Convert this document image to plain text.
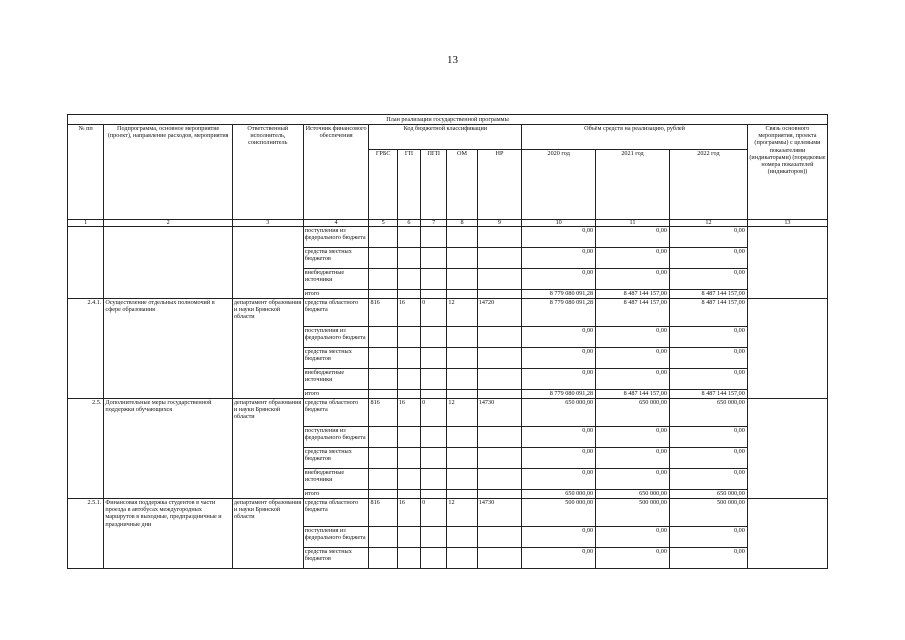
13
План реализации государственной программы												
№ пп	Подпрограмма, основное мероприятие (проект), направление расходов, мероприятия	Ответственный исполнитель, соисполнитель	Источник финансового обеспечения	Код бюджетной классификации					Объём средств на реализацию, рублей			Связь основного мероприятия, проекта (программы) с целевыми показателями (индикаторами) (порядковые номера показателей (индикаторов))
				ГРБС	ГП	ПГП	ОМ	НР	2020 год	2021 год	2022 год	
1	2	3	4	5	6	7	8	9	10	11	12	13
			поступления из федерального бюджета						0,00	0,00	0,00	
			средства местных бюджетов						0,00	0,00	0,00	
			внебюджетные источники						0,00	0,00	0,00	
			итого						8 779 080 091,28	8 487 144 157,00	8 487 144 157,00	
2.4.1.	Осуществление отдельных полномочий в сфере образования	департамент образования и науки Брянской области	средства областного бюджета	816	16	0	12	14720	8 779 080 091,28	8 487 144 157,00	8 487 144 157,00	
			поступления из федерального бюджета						0,00	0,00	0,00	
			средства местных бюджетов						0,00	0,00	0,00	
			внебюджетные источники						0,00	0,00	0,00	
			итого						8 779 080 091,28	8 487 144 157,00	8 487 144 157,00	
2.5.	Дополнительные меры государственной поддержки обучающихся	департамент образования и науки Брянской области	средства областного бюджета	816	16	0	12	14730	650 000,00	650 000,00	650 000,00	
			поступления из федерального бюджета						0,00	0,00	0,00	
			средства местных бюджетов						0,00	0,00	0,00	
			внебюджетные источники						0,00	0,00	0,00	
			итого						650 000,00	650 000,00	650 000,00	
2.5.1.	Финансовая поддержка студентов в части проезда в автобусах междугородных маршрутов в выходные, предпраздничные и праздничные дни	департамент образования и науки Брянской области	средства областного бюджета	816	16	0	12	14730	500 000,00	500 000,00	500 000,00	
			поступления из федерального бюджета						0,00	0,00	0,00	
			средства местных бюджетов						0,00	0,00	0,00	
